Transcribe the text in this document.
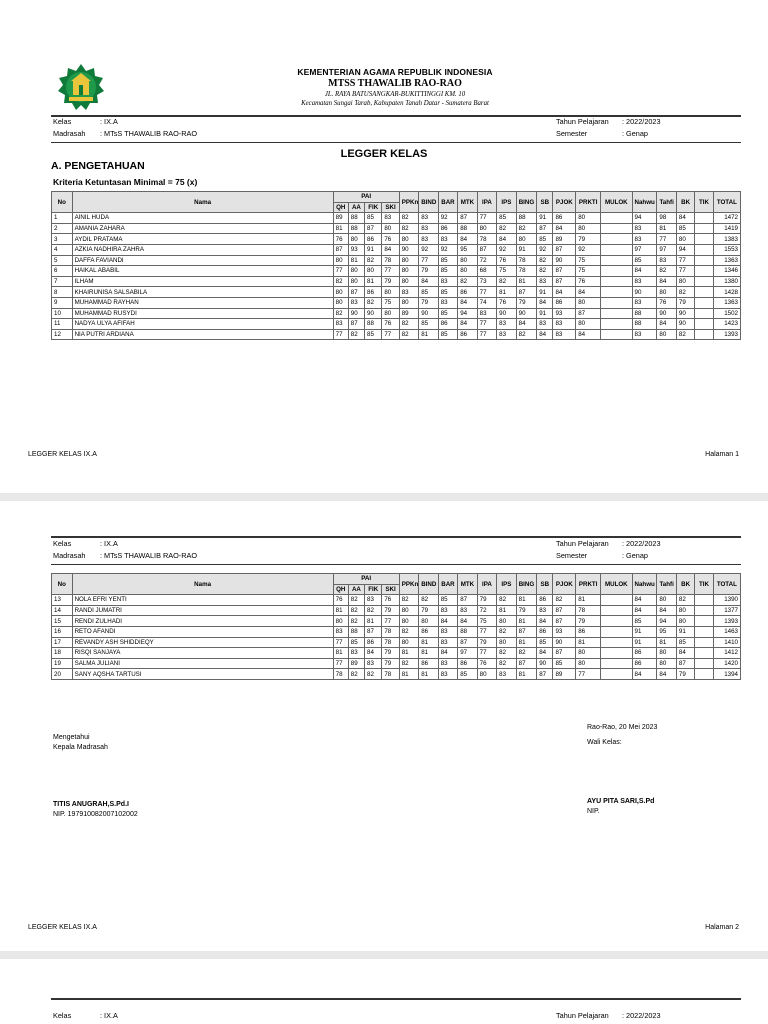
KEMENTERIAN AGAMA REPUBLIK INDONESIA
MTSS THAWALIB RAO-RAO
JL. RAYA BATUSANGKAR-BUKITTINGGI KM. 10
Kecamatan Sungai Tarab, Kabupaten Tanah Datar - Sumatera Barat
Kelas	: IX.A
Madrasah : MTsS THAWALIB RAO-RAO
Tahun Pelajaran : 2022/2023
Semester	: Genap
LEGGER KELAS
A. PENGETAHUAN
Kriteria Ketuntasan Minimal = 75 (x)
No	Nama	PAI				PPKn	BIND	BAR	MTK	IPA	IPS	BING	SB	PJOK	PRKTI	MULOK	Nahwu	Tahfi	BK	TIK	TOTAL
		QH	AA	FIK	SKI																
1	AINIL HUDA	89	88	85	83	82	83	92	87	77	85	88	91	86	80		94	98	84		1472
2	AMANIA ZAHARA	81	88	87	80	82	83	86	88	80	82	82	87	84	80		83	81	85		1419
3	AYDIL PRATAMA	76	80	86	76	80	83	83	84	78	84	80	85	89	79		83	77	80		1383
4	AZKIA NADHIRA ZAHRA	87	93	91	84	90	92	92	95	87	92	91	92	87	92		97	97	94		1553
5	DAFFA FAVIANDI	80	81	82	78	80	77	85	80	72	76	78	82	90	75		85	83	77		1363
6	HAIKAL ABABIL	77	80	80	77	80	79	85	80	68	75	78	82	87	75		84	82	77		1346
7	ILHAM	82	80	81	79	80	84	83	82	73	82	81	83	87	76		83	84	80		1380
8	KHAIRUNISA SALSABILA	80	87	86	80	83	85	85	86	77	81	87	91	84	84		90	80	82		1428
9	MUHAMMAD RAYHAN	80	83	82	75	80	79	83	84	74	76	79	84	86	80		83	76	79		1363
10	MUHAMMAD RUSYDI	82	90	90	80	89	90	85	94	83	90	90	91	93	87		88	90	90		1502
11	NADYA ULYA AFIFAH	83	87	88	76	82	85	86	84	77	83	84	83	83	80		88	84	90		1423
12	NIA PUTRI ARDIANA	77	82	85	77	82	81	85	86	77	83	82	84	83	84		83	80	82		1393
LEGGER KELAS IX.A	Halaman 1
Kelas	: IX.A
Madrasah : MTsS THAWALIB RAO-RAO
Tahun Pelajaran : 2022/2023
Semester	: Genap
No	Nama	PAI				PPKn	BIND	BAR	MTK	IPA	IPS	BING	SB	PJOK	PRKTI	MULOK	Nahwu	Tahfi	BK	TIK	TOTAL
		QH	AA	FIK	SKI																
13	NOLA EFRI YENTI	76	82	83	76	82	82	85	87	79	82	81	86	82	81		84	80	82		1390
14	RANDI JUMATRI	81	82	82	79	80	79	83	83	72	81	79	83	87	78		84	84	80		1377
15	RENDI ZULHADI	80	82	81	77	80	80	84	84	75	80	81	84	87	79		85	94	80		1393
16	RETO AFANDI	83	88	87	78	82	86	83	88	77	82	87	86	93	86		91	95	91		1463
17	REVANDY ASH SHIDDIEQY	77	85	86	78	80	81	83	87	79	80	81	85	90	81		91	81	85		1410
18	RISQI SANJAYA	81	83	84	79	81	81	84	97	77	82	82	84	87	80		86	80	84		1412
19	SALMA JULIANI	77	89	83	79	82	86	83	86	76	82	87	90	85	80		86	80	87		1420
20	SANY AQSHA TARTUSI	78	82	82	78	81	81	83	85	80	83	81	87	89	77		84	84	79		1394
Rao-Rao, 20 Mei 2023
Mengetahui
Kepala Madrasah
Wali Kelas:
TITIS ANUGRAH,S.Pd.I
NIP. 197910082007102002
AYU PITA SARI,S.Pd
NIP.
LEGGER KELAS IX.A	Halaman 2
Kelas	: IX.A	Tahun Pelajaran : 2022/2023
